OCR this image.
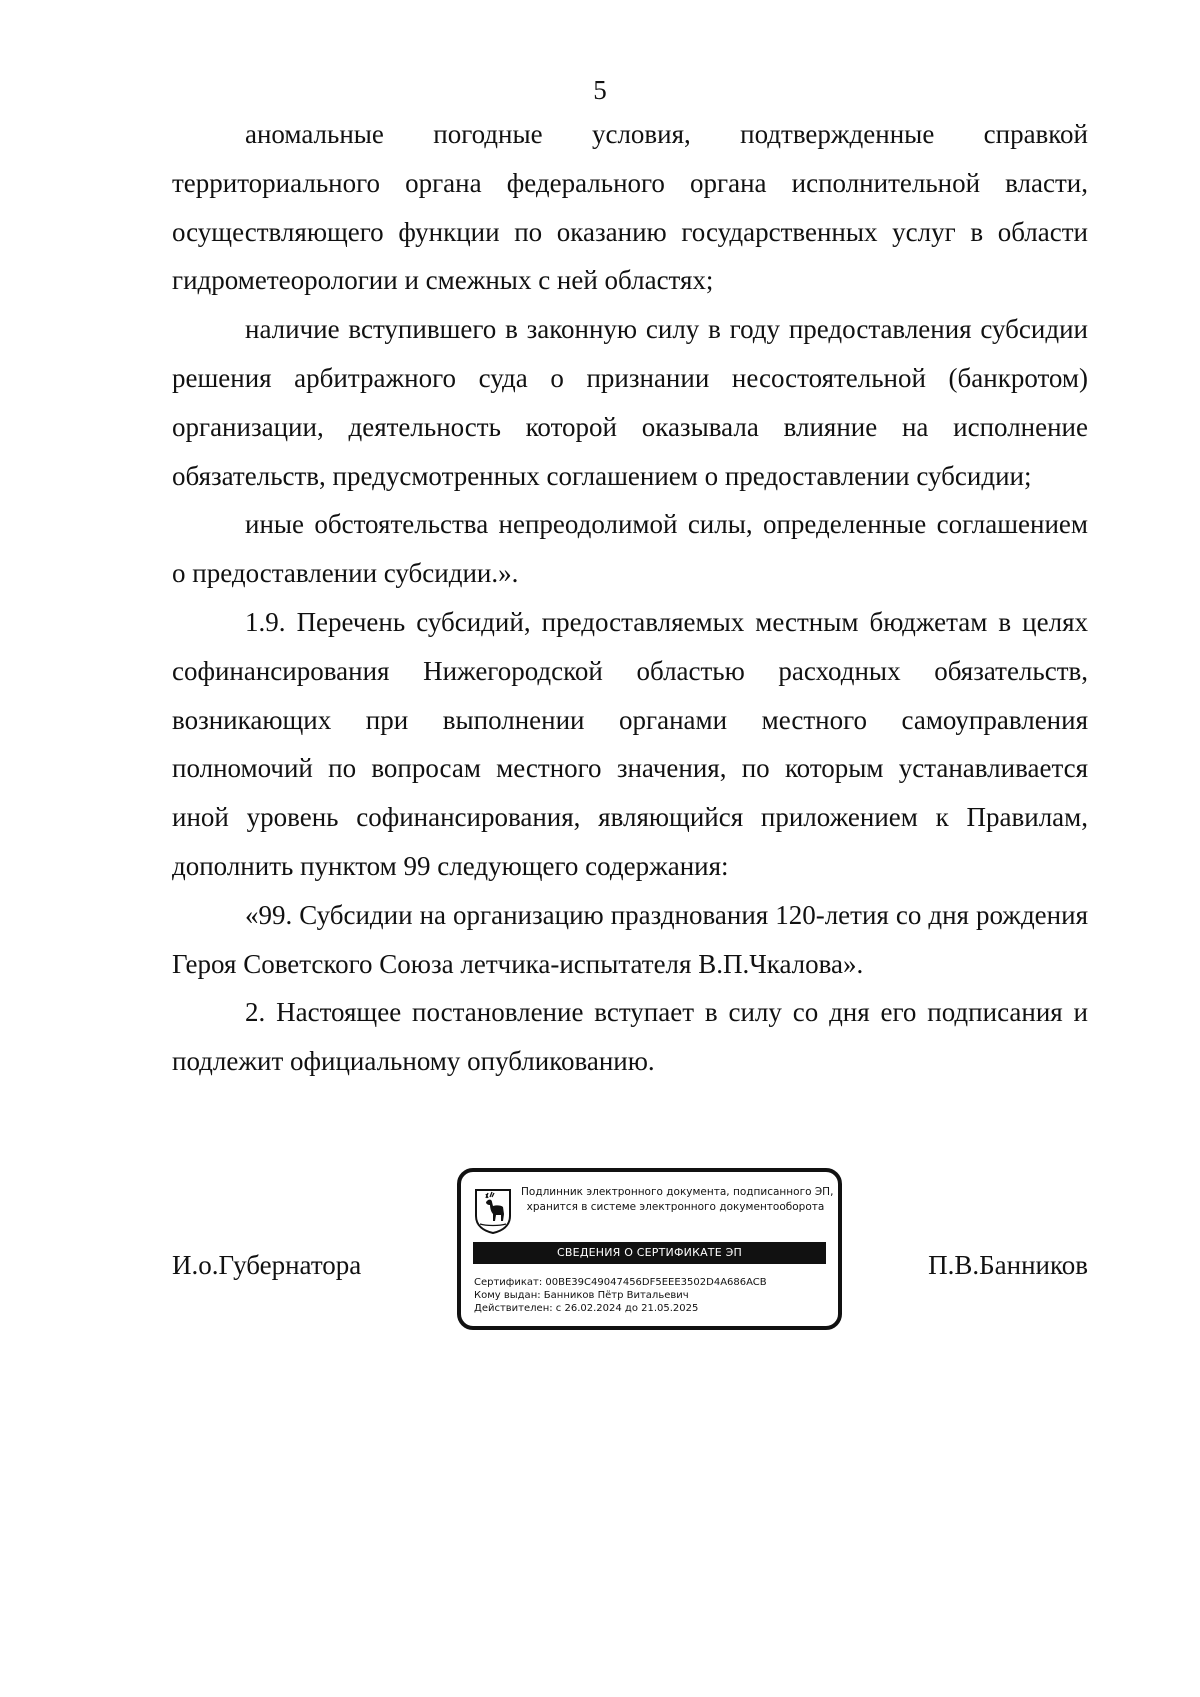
5

аномальные погодные условия, подтвержденные справкой территориального органа федерального органа исполнительной власти, осуществляющего функции по оказанию государственных услуг в области гидрометеорологии и смежных с ней областях;

наличие вступившего в законную силу в году предоставления субсидии решения арбитражного суда о признании несостоятельной (банкротом) организации, деятельность которой оказывала влияние на исполнение обязательств, предусмотренных соглашением о предоставлении субсидии;

иные обстоятельства непреодолимой силы, определенные соглашением о предоставлении субсидии.».

1.9. Перечень субсидий, предоставляемых местным бюджетам в целях софинансирования Нижегородской областью расходных обязательств, возникающих при выполнении органами местного самоуправления полномочий по вопросам местного значения, по которым устанавливается иной уровень софинансирования, являющийся приложением к Правилам, дополнить пунктом 99 следующего содержания:

«99. Субсидии на организацию празднования 120-летия со дня рождения Героя Советского Союза летчика-испытателя В.П.Чкалова».

2. Настоящее постановление вступает в силу со дня его подписания и подлежит официальному опубликованию.

И.о.Губернатора
Подлинник электронного документа, подписанного ЭП,
хранится в системе электронного документооборота
СВЕДЕНИЯ О СЕРТИФИКАТЕ ЭП
Сертификат: 00BE39C49047456DF5EEE3502D4A686ACB
Кому выдан: Банников Пётр Витальевич
Действителен: с 26.02.2024 до 21.05.2025
П.В.Банников
